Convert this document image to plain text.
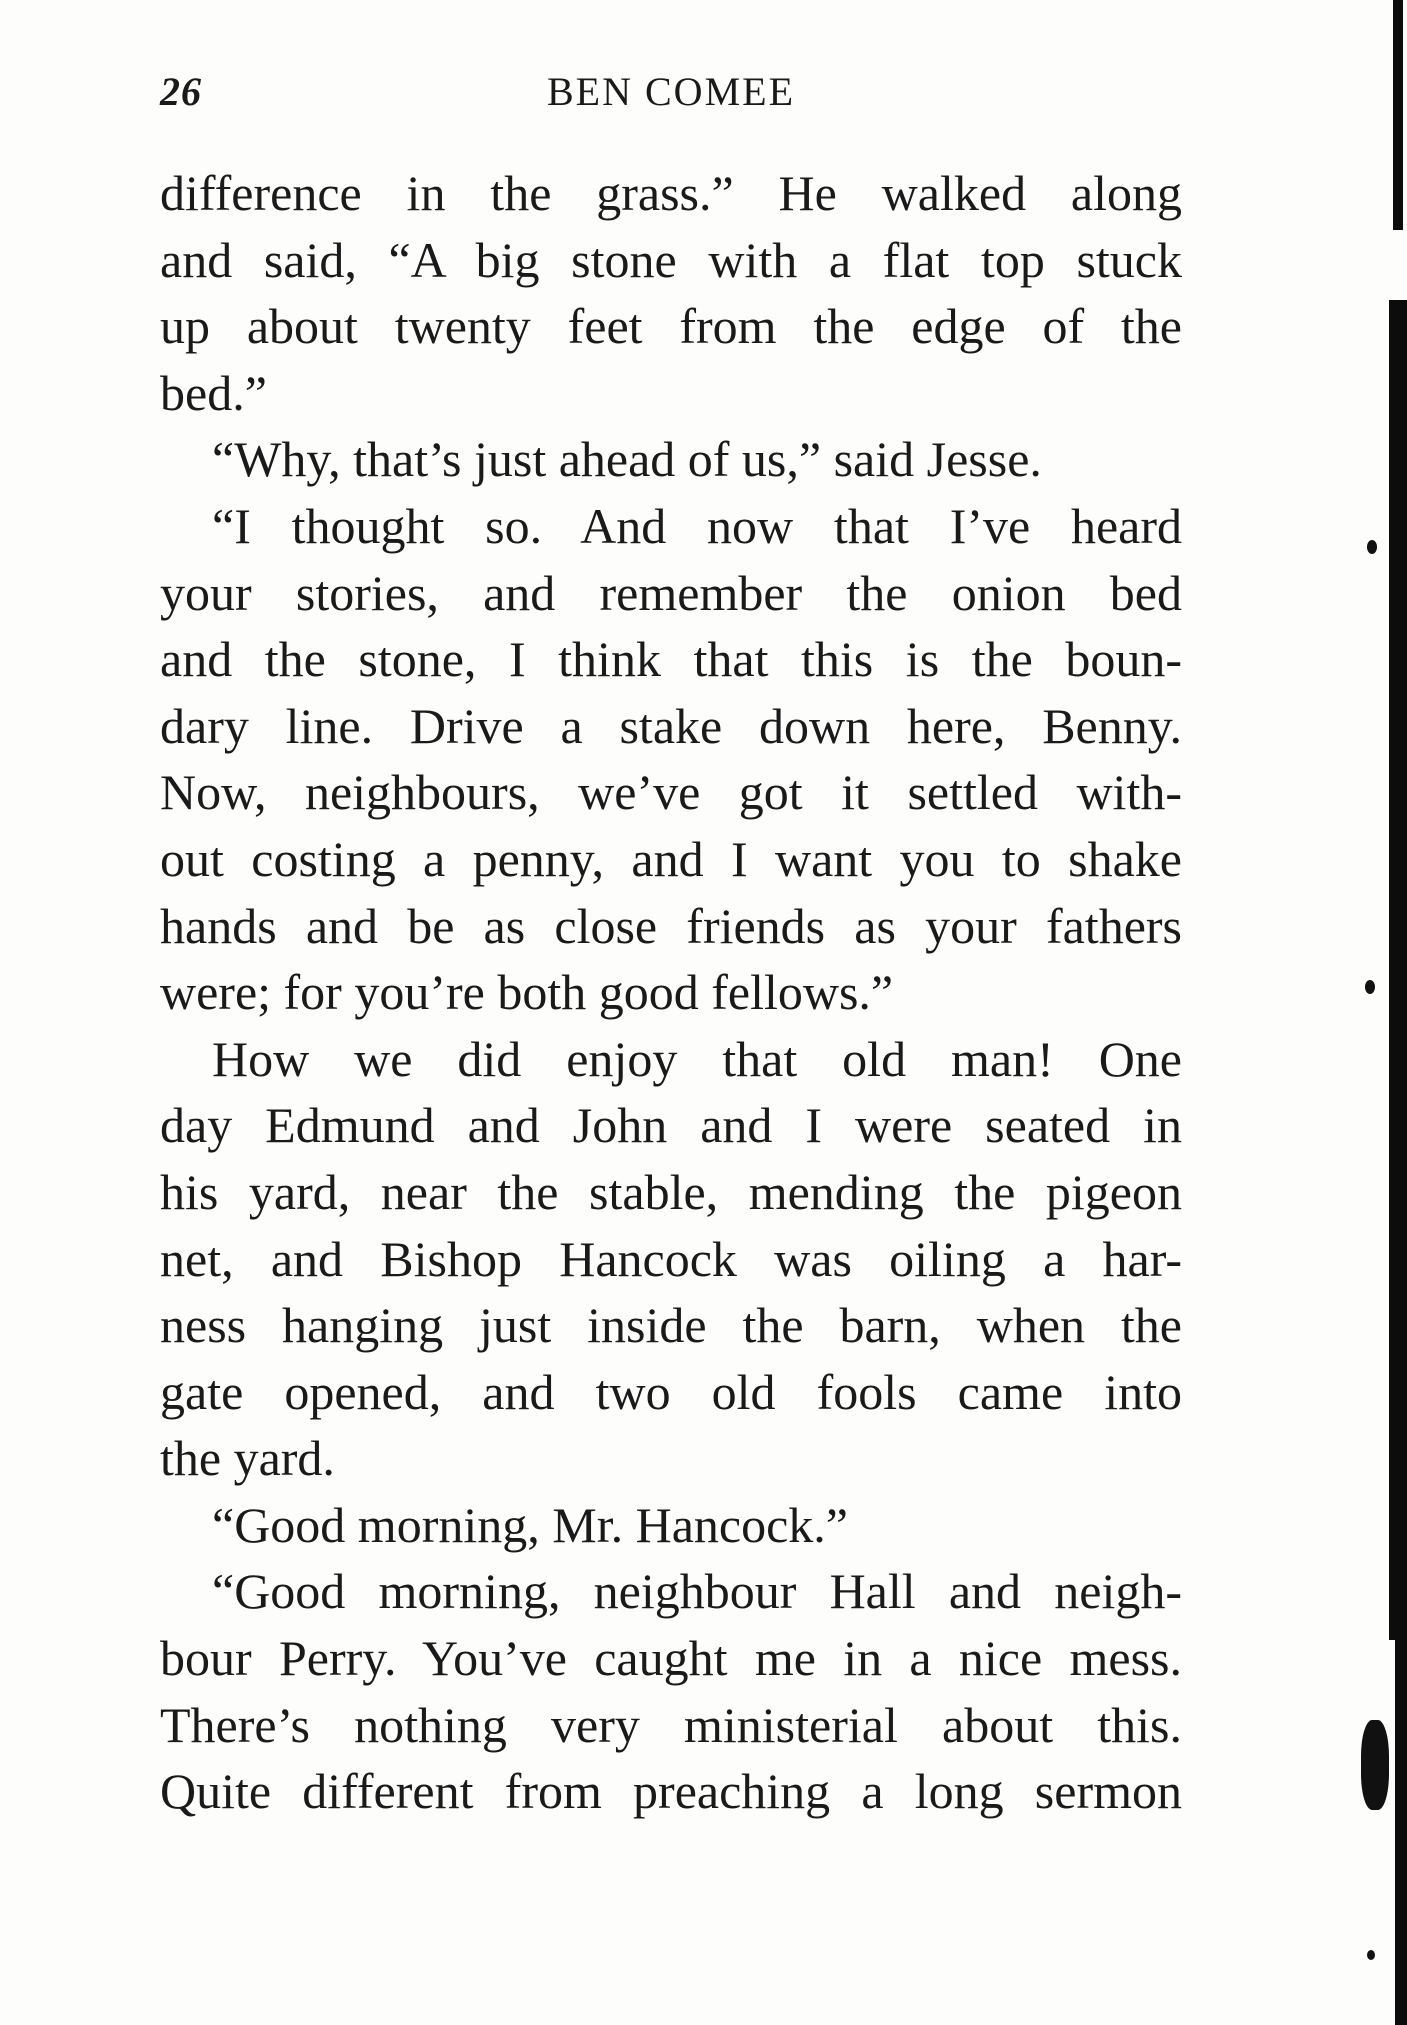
26	BEN COMEE
difference in the grass.” He walked along
and said, “A big stone with a flat top stuck
up about twenty feet from the edge of the
bed.”
“Why, that’s just ahead of us,” said Jesse.
“I thought so. And now that I’ve heard
your stories, and remember the onion bed
and the stone, I think that this is the boun-
dary line. Drive a stake down here, Benny.
Now, neighbours, we’ve got it settled with-
out costing a penny, and I want you to shake
hands and be as close friends as your fathers
were; for you’re both good fellows.”
How we did enjoy that old man! One
day Edmund and John and I were seated in
his yard, near the stable, mending the pigeon
net, and Bishop Hancock was oiling a har-
ness hanging just inside the barn, when the
gate opened, and two old fools came into
the yard.
“Good morning, Mr. Hancock.”
“Good morning, neighbour Hall and neigh-
bour Perry. You’ve caught me in a nice mess.
There’s nothing very ministerial about this.
Quite different from preaching a long sermon
